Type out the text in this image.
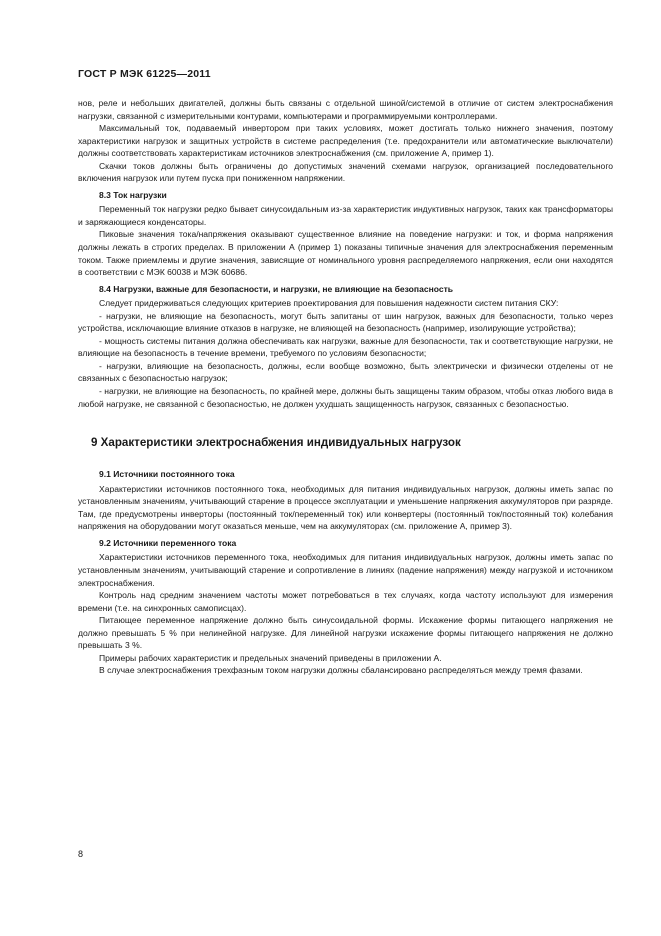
ГОСТ Р МЭК 61225—2011

нов, реле и небольших двигателей, должны быть связаны с отдельной шиной/системой в отличие от систем электроснабжения нагрузки, связанной с измерительными контурами, компьютерами и программируемыми контроллерами.

Максимальный ток, подаваемый инвертором при таких условиях, может достигать только нижнего значения, поэтому характеристики нагрузок и защитных устройств в системе распределения (т.е. предохранители или автоматические выключатели) должны соответствовать характеристикам источников электроснабжения (см. приложение А, пример 1).

Скачки токов должны быть ограничены до допустимых значений схемами нагрузок, организацией последовательного включения нагрузок или путем пуска при пониженном напряжении.

8.3 Ток нагрузки

Переменный ток нагрузки редко бывает синусоидальным из-за характеристик индуктивных нагрузок, таких как трансформаторы и заряжающиеся конденсаторы.

Пиковые значения тока/напряжения оказывают существенное влияние на поведение нагрузки: и ток, и форма напряжения должны лежать в строгих пределах. В приложении А (пример 1) показаны типичные значения для электроснабжения переменным током. Также приемлемы и другие значения, зависящие от номинального уровня распределяемого напряжения, если они находятся в соответствии с МЭК 60038 и МЭК 60686.

8.4 Нагрузки, важные для безопасности, и нагрузки, не влияющие на безопасность

Следует придерживаться следующих критериев проектирования для повышения надежности систем питания СКУ:

- нагрузки, не влияющие на безопасность, могут быть запитаны от шин нагрузок, важных для безопасности, только через устройства, исключающие влияние отказов в нагрузке, не влияющей на безопасность (например, изолирующие устройства);

- мощность системы питания должна обеспечивать как нагрузки, важные для безопасности, так и соответствующие нагрузки, не влияющие на безопасность в течение времени, требуемого по условиям безопасности;

- нагрузки, влияющие на безопасность, должны, если вообще возможно, быть электрически и физически отделены от не связанных с безопасностью нагрузок;

- нагрузки, не влияющие на безопасность, по крайней мере, должны быть защищены таким образом, чтобы отказ любого вида в любой нагрузке, не связанной с безопасностью, не должен ухудшать защищенность нагрузок, связанных с безопасностью.

9 Характеристики электроснабжения индивидуальных нагрузок

9.1 Источники постоянного тока

Характеристики источников постоянного тока, необходимых для питания индивидуальных нагрузок, должны иметь запас по установленным значениям, учитывающий старение в процессе эксплуатации и уменьшение напряжения аккумуляторов при разряде. Там, где предусмотрены инверторы (постоянный ток/переменный ток) или конвертеры (постоянный ток/постоянный ток) колебания напряжения на оборудовании могут оказаться меньше, чем на аккумуляторах (см. приложение А, пример 3).

9.2 Источники переменного тока

Характеристики источников переменного тока, необходимых для питания индивидуальных нагрузок, должны иметь запас по установленным значениям, учитывающий старение и сопротивление в линиях (падение напряжения) между нагрузкой и источником электроснабжения.

Контроль над средним значением частоты может потребоваться в тех случаях, когда частоту используют для измерения времени (т.е. на синхронных самописцах).

Питающее переменное напряжение должно быть синусоидальной формы. Искажение формы питающего напряжения не должно превышать 5 % при нелинейной нагрузке. Для линейной нагрузки искажение формы питающего напряжения не должно превышать 3 %.

Примеры рабочих характеристик и предельных значений приведены в приложении А.

В случае электроснабжения трехфазным током нагрузки должны сбалансировано распределяться между тремя фазами.

8
